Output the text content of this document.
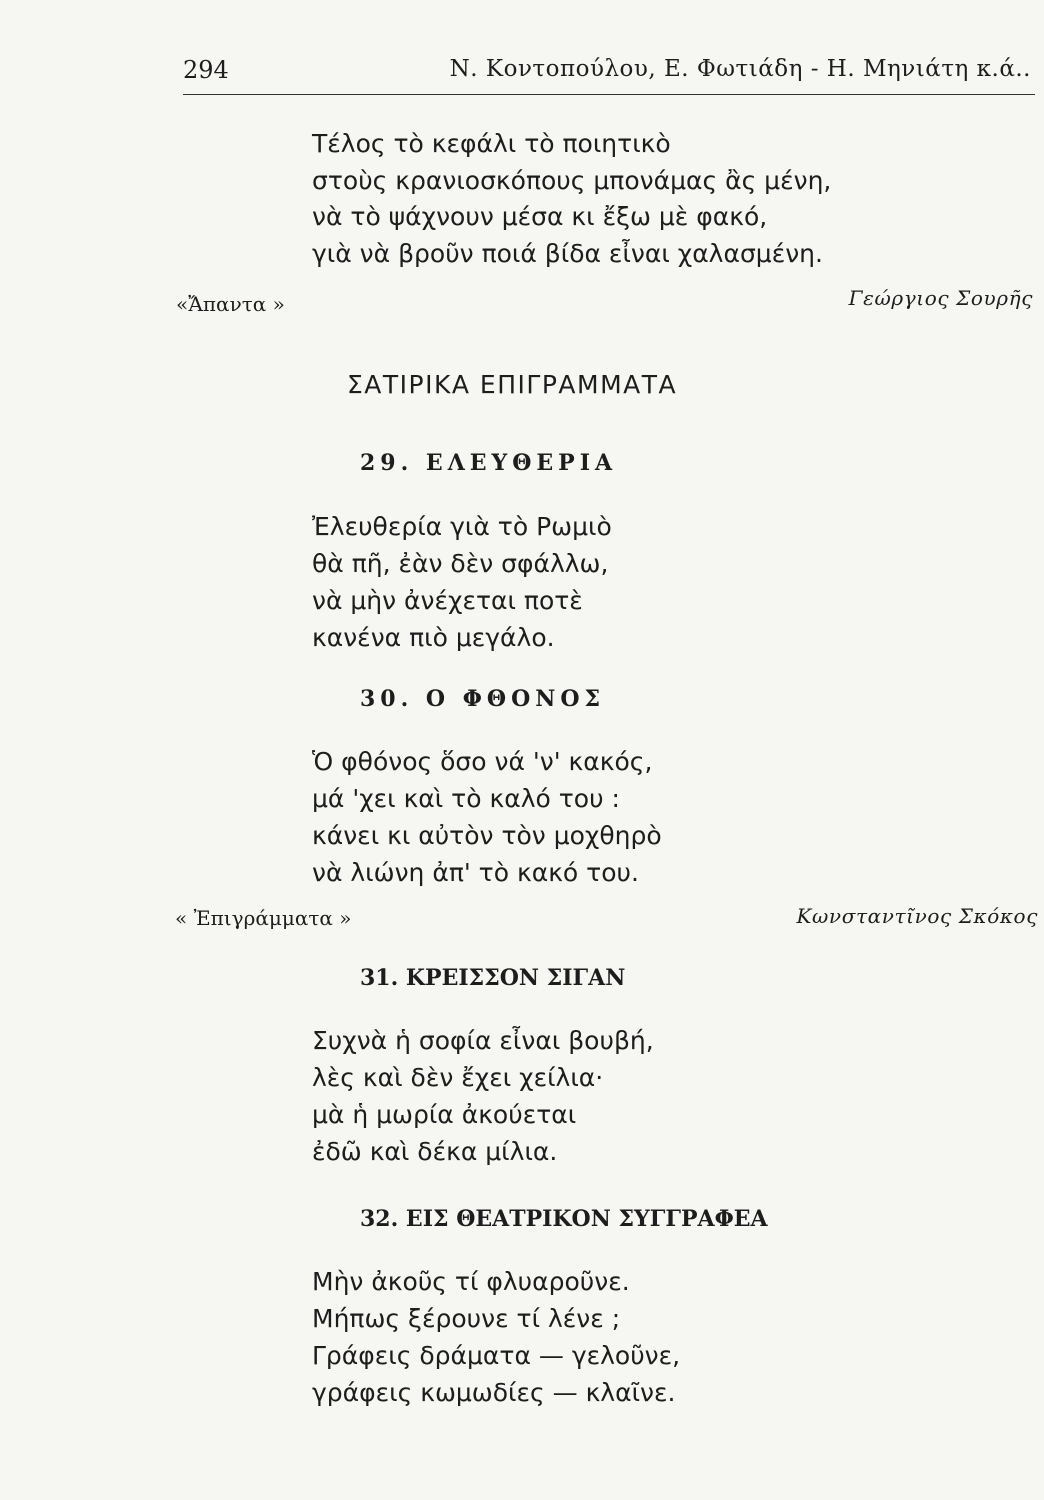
294	Ν. Κοντοπούλου, Ε. Φωτιάδη - Η. Μηνιάτη κ.ά..
Τέλος τὸ κεφάλι τὸ ποιητικὸ
στοὺς κρανιοσκόπους μπονάμας ἂς μένη,
νὰ τὸ ψάχνουν μέσα κι ἔξω μὲ φακό,
γιὰ νὰ βροῦν ποιά βίδα εἶναι χαλασμένη.
«Ἄπαντα »	Γεώργιος Σουρῆς
ΣΑΤΙΡΙΚΑ ΕΠΙΓΡΑΜΜΑΤΑ
29. ΕΛΕΥΘΕΡΙΑ
Ἐλευθερία γιὰ τὸ Ρωμιὸ
θὰ πῆ, ἐὰν δὲν σφάλλω,
νὰ μὴν ἀνέχεται ποτὲ
κανένα πιὸ μεγάλο.
30. Ο ΦΘΟΝΟΣ
Ὁ φθόνος ὅσο νά 'ν' κακός,
μά 'χει καὶ τὸ καλό του :
κάνει κι αὐτὸν τὸν μοχθηρὸ
νὰ λιώνη ἀπ' τὸ κακό του.
« Ἐπιγράμματα »	Κωνσταντῖνος Σκόκος
31. ΚΡΕΙΣΣΟΝ ΣΙΓΑΝ
Συχνὰ ἡ σοφία εἶναι βουβή,
λὲς καὶ δὲν ἔχει χείλια·
μὰ ἡ μωρία ἀκούεται
ἐδῶ καὶ δέκα μίλια.
32. ΕΙΣ ΘΕΑΤΡΙΚΟΝ ΣΥΓΓΡΑΦΕΑ
Μὴν ἀκοῦς τί φλυαροῦνε.
Μήπως ξέρουνε τί λένε ;
Γράφεις δράματα — γελοῦνε,
γράφεις κωμωδίες — κλαῖνε.
